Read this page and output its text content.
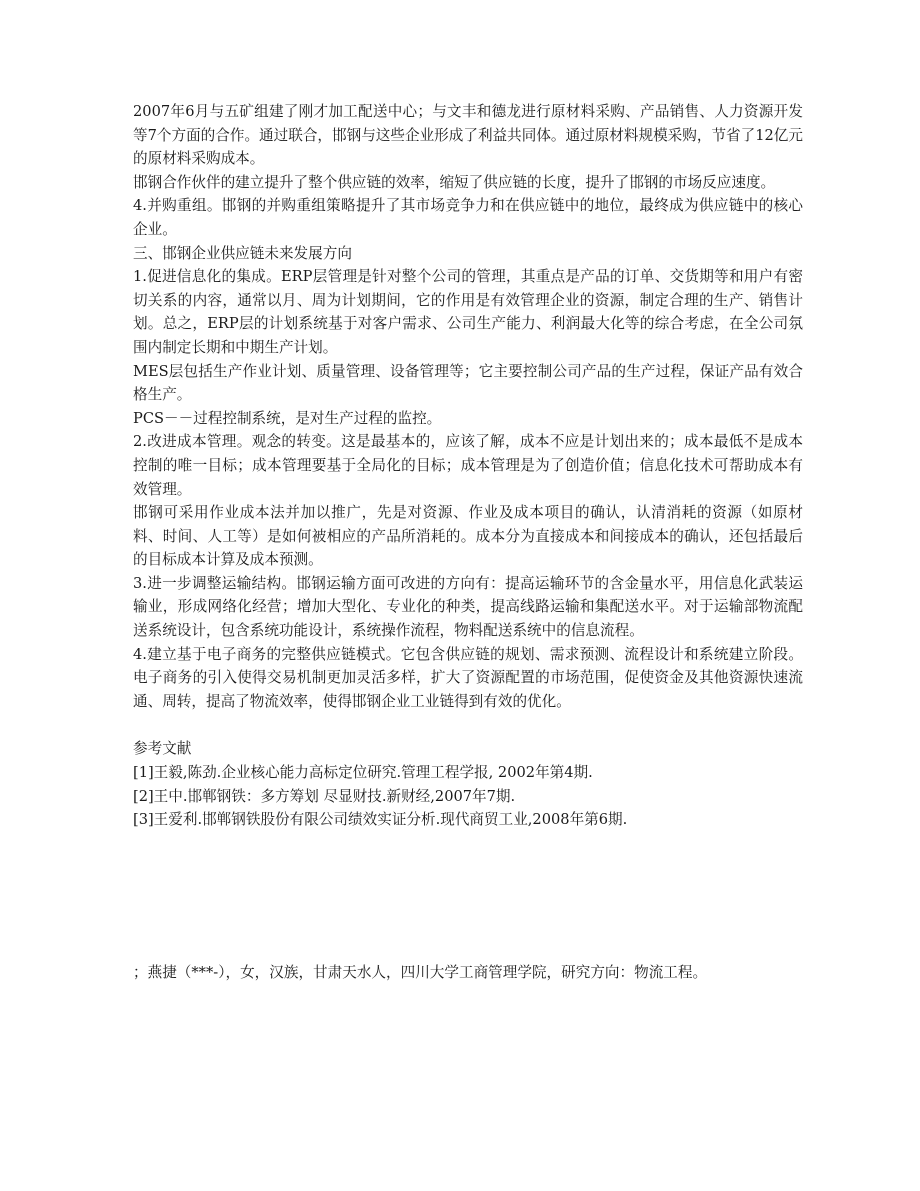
2007年6月与五矿组建了刚才加工配送中心；与文丰和德龙进行原材料采购、产品销售、人力资源开发等7个方面的合作。通过联合，邯钢与这些企业形成了利益共同体。通过原材料规模采购，节省了12亿元的原材料采购成本。

邯钢合作伙伴的建立提升了整个供应链的效率，缩短了供应链的长度，提升了邯钢的市场反应速度。

4.并购重组。邯钢的并购重组策略提升了其市场竞争力和在供应链中的地位，最终成为供应链中的核心企业。

三、邯钢企业供应链未来发展方向

1.促进信息化的集成。ERP层管理是针对整个公司的管理，其重点是产品的订单、交货期等和用户有密切关系的内容，通常以月、周为计划期间，它的作用是有效管理企业的资源，制定合理的生产、销售计划。总之，ERP层的计划系统基于对客户需求、公司生产能力、利润最大化等的综合考虑，在全公司氛围内制定长期和中期生产计划。

MES层包括生产作业计划、质量管理、设备管理等；它主要控制公司产品的生产过程，保证产品有效合格生产。

PCS－－过程控制系统，是对生产过程的监控。

2.改进成本管理。观念的转变。这是最基本的，应该了解，成本不应是计划出来的；成本最低不是成本控制的唯一目标；成本管理要基于全局化的目标；成本管理是为了创造价值；信息化技术可帮助成本有效管理。

邯钢可采用作业成本法并加以推广，先是对资源、作业及成本项目的确认，认清消耗的资源（如原材料、时间、人工等）是如何被相应的产品所消耗的。成本分为直接成本和间接成本的确认，还包括最后的目标成本计算及成本预测。

3.进一步调整运输结构。邯钢运输方面可改进的方向有：提高运输环节的含金量水平，用信息化武装运输业，形成网络化经营；增加大型化、专业化的种类，提高线路运输和集配送水平。对于运输部物流配送系统设计，包含系统功能设计，系统操作流程，物料配送系统中的信息流程。

4.建立基于电子商务的完整供应链模式。它包含供应链的规划、需求预测、流程设计和系统建立阶段。电子商务的引入使得交易机制更加灵活多样，扩大了资源配置的市场范围，促使资金及其他资源快速流通、周转，提高了物流效率，使得邯钢企业工业链得到有效的优化。

参考文献

[1]王毅,陈劲.企业核心能力高标定位研究.管理工程学报, 2002年第4期.

[2]王中.邯郸钢铁：多方筹划 尽显财技.新财经,2007年7期.

[3]王爱利.邯郸钢铁股份有限公司绩效实证分析.现代商贸工业,2008年第6期.

；燕捷（***-），女，汉族，甘肃天水人，四川大学工商管理学院，研究方向：物流工程。
